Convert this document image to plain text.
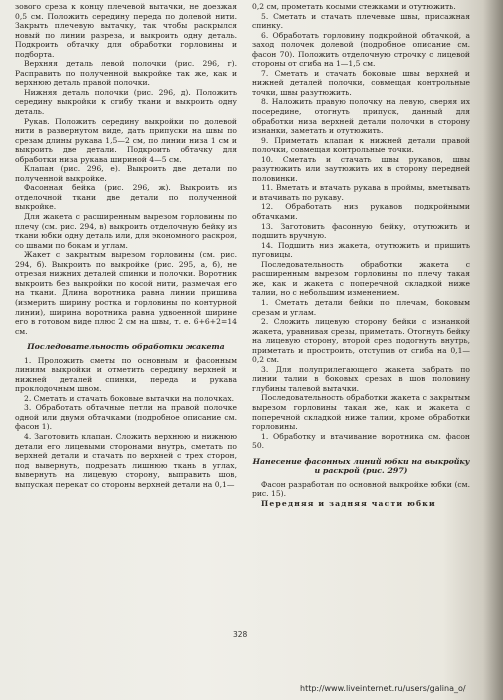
зового среза к концу плечевой вытачки, не доезжая 0,5 см. Положить середину переда по долевой нити. Закрыть плечевую вытачку, так чтобы раскрылся новый по линии разреза, и выкроить одну деталь. Подкроить обтачку для обработки горловины и подборта.

Верхняя деталь левой полочки (рис. 296, г). Расправить по полученной выкройке так же, как и верхнюю деталь правой полочки.

Нижняя деталь полочки (рис. 296, д). Положить середину выкройки к сгибу ткани и выкроить одну деталь.

Рукав. Положить середину выкройки по долевой нити в развернутом виде, дать припуски на швы по срезам длины рукава 1,5—2 см, по линии низа 1 см и выкроить две детали. Подкроить обтачку для обработки низа рукава шириной 4—5 см.

Клапан (рис. 296, е). Выкроить две детали по полученной выкройке.

Фасонная бейка (рис. 296, ж). Выкроить из отделочной ткани две детали по полученной выкройке.

Для жакета с расширенным вырезом горловины по плечу (см. рис. 294, в) выкроить отделочную бейку из ткани юбки одну деталь или, для экономного раскроя, со швами по бокам и углам.

Жакет с закрытым вырезом горловины (см. рис. 294, б). Выкроить по выкройке (рис. 295, а, б), не отрезая нижних деталей спинки и полочки. Воротник выкроить без выкройки по косой нити, размечая его на ткани. Длина воротника равна линии пришива (измерить ширину ростка и горловины по контурной линии), ширина воротника равна удвоенной ширине его в готовом виде плюс 2 см на швы, т. е. 6+6+2=14 см.

Последовательность обработки жакета

1. Проложить сметы по основным и фасонным линиям выкройки и отметить середину верхней и нижней деталей спинки, переда и рукава проклодочным швом.

2. Сметать и стачать боковые вытачки на полочках.

3. Обработать обтачные петли на правой полочке одной или двумя обтачками (подробное описание см. фасон 1).

4. Заготовить клапан. Сложить верхнюю и нижнюю детали его лицевыми сторонами внутрь, сметать по верхней детали и стачать по верхней с трех сторон, под вывернуть, подрезать лишнюю ткань в углах, вывернуть на лицевую сторону, выправить шов, выпуская перекат со стороны верхней детали на 0,1—

0,2 см, прометать косыми стежками и отутюжить.

5. Сметать и стачать плечевые швы, присажная спинку.

6. Обработать горловину подкройной обтачкой, а заход полочек долевой (подробное описание см. фасон 70). Положить отделочную строчку с лицевой стороны от сгиба на 1—1,5 см.

7. Сметать и стачать боковые швы верхней и нижней деталей полочки, совмещая контрольные точки, швы разутюжить.

8. Наложить правую полочку на левую, сверяя их посередине, отогнуть припуск, данный для обработки низа верхней детали полочки в сторону изнанки, заметать и отутюжить.

9. Приметать клапан к нижней детали правой полочки, совмещая контрольные точки.

10. Сметать и стачать швы рукавов, швы разутюжить или заутюжить их в сторону передней половинки.

11. Вметать и втачать рукава в проймы, вметывать и втачивать по рукаву.

12. Обработать низ рукавов подкройными обтачками.

13. Заготовить фасонную бейку, отутюжить и подшить вручную.

14. Подшить низ жакета, отутюжить и пришить пуговицы.

Последовательность обработки жакета с расширенным вырезом горловины по плечу такая же, как и жакета с поперечной складкой ниже талии, но с небольшим изменением.

1. Сметать детали бейки по плечам, боковым срезам и углам.

2. Сложить лицевую сторону бейки с изнанкой жакета, уравнивая срезы, приметать. Отогнуть бейку на лицевую сторону, второй срез подогнуть внутрь, приметать и простроить, отступив от сгиба на 0,1—0,2 см.

3. Для полуприлегающего жакета забрать по линии талии в боковых срезах в шов половину глубины талевой вытачки.

Последовательность обработки жакета с закрытым вырезом горловины такая же, как и жакета с поперечной складкой ниже талии, кроме обработки горловины.

1. Обработку и втачивание воротника см. фасон 50.

Нанесение фасонных линий юбки на выкройку и раскрой (рис. 297)

Фасон разработан по основной выкройке юбки (см. рис. 15).

Передняя и задняя части юбки

328
http://www.liveinternet.ru/users/galina_o/
